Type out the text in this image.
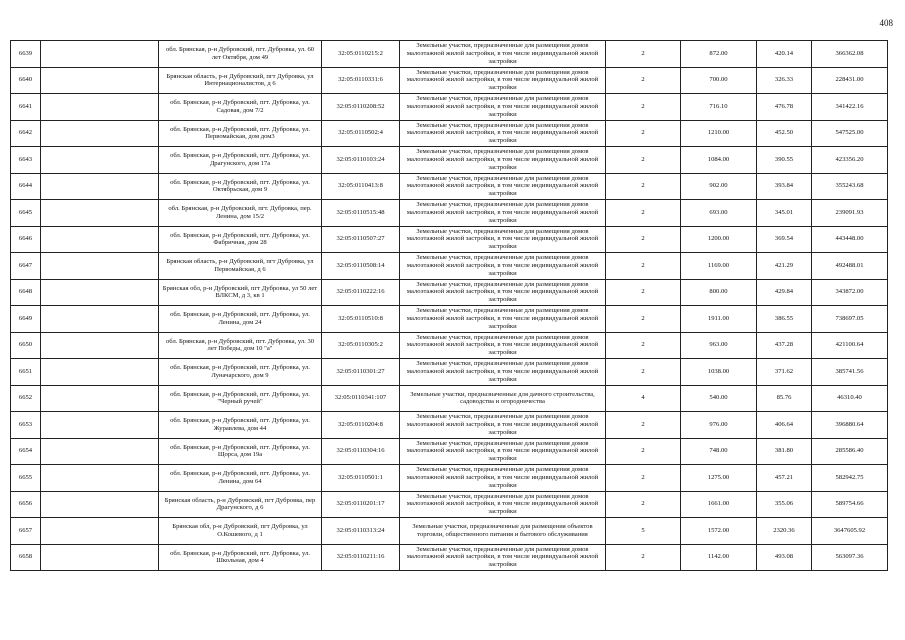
408
6639		обл. Брянская, р-н Дубровский, пгт. Дубровка, ул. 60 лет Октября, дом 49	32:05:0110215:2	Земельные участки, предназначенные для размещения домов малоэтажной жилой застройки, в том числе индивидуальной жилой застройки	2	872.00	420.14	366362.08
6640		Брянская область, р-н Дубровский, пгт Дубровка, ул Интернационалистов, д 6	32:05:0110331:6	Земельные участки, предназначенные для размещения домов малоэтажной жилой застройки, в том числе индивидуальной жилой застройки	2	700.00	326.33	228431.00
6641		обл. Брянская, р-н Дубровский, пгт. Дубровка, ул. Садовая, дом 7/2	32:05:0110208:52	Земельные участки, предназначенные для размещения домов малоэтажной жилой застройки, в том числе индивидуальной жилой застройки	2	716.10	476.78	341422.16
6642		обл. Брянская, р-н Дубровский, пгт. Дубровка, ул. Первомайская, дом дом3	32:05:0110502:4	Земельные участки, предназначенные для размещения домов малоэтажной жилой застройки, в том числе индивидуальной жилой застройки	2	1210.00	452.50	547525.00
6643		обл. Брянская, р-н Дубровский, пгт. Дубровка, ул. Драгунского, дом 17а	32:05:0110103:24	Земельные участки, предназначенные для размещения домов малоэтажной жилой застройки, в том числе индивидуальной жилой застройки	2	1084.00	390.55	423356.20
6644		обл. Брянская, р-н Дубровский, пгт. Дубровка, ул. Октябрьская, дом 9	32:05:0110413:8	Земельные участки, предназначенные для размещения домов малоэтажной жилой застройки, в том числе индивидуальной жилой застройки	2	902.00	393.84	355243.68
6645		обл. Брянская, р-н Дубровский, пгт. Дубровка, пер. Ленина, дом 15/2	32:05:0110515:48	Земельные участки, предназначенные для размещения домов малоэтажной жилой застройки, в том числе индивидуальной жилой застройки	2	693.00	345.01	239091.93
6646		обл. Брянская, р-н Дубровский, пгт. Дубровка, ул. Фабричная, дом 28	32:05:0110507:27	Земельные участки, предназначенные для размещения домов малоэтажной жилой застройки, в том числе индивидуальной жилой застройки	2	1200.00	369.54	443448.00
6647		Брянская область, р-н Дубровский, пгт Дубровка, ул Первомайская, д 6	32:05:0110508:14	Земельные участки, предназначенные для размещения домов малоэтажной жилой застройки, в том числе индивидуальной жилой застройки	2	1169.00	421.29	492488.01
6648		Брянская обл, р-н Дубровский, пгт Дубровка, ул 50 лет ВЛКСМ, д 3, кв 1	32:05:0110222:16	Земельные участки, предназначенные для размещения домов малоэтажной жилой застройки, в том числе индивидуальной жилой застройки	2	800.00	429.84	343872.00
6649		обл. Брянская, р-н Дубровский, пгт. Дубровка, ул. Ленина, дом 24	32:05:0110510:8	Земельные участки, предназначенные для размещения домов малоэтажной жилой застройки, в том числе индивидуальной жилой застройки	2	1911.00	386.55	738697.05
6650		обл. Брянская, р-н Дубровский, пгт. Дубровка, ул. 30 лет Победы, дом 10 "а"	32:05:0110305:2	Земельные участки, предназначенные для размещения домов малоэтажной жилой застройки, в том числе индивидуальной жилой застройки	2	963.00	437.28	421100.64
6651		обл. Брянская, р-н Дубровский, пгт. Дубровка, ул. Луначарского, дом 9	32:05:0110301:27	Земельные участки, предназначенные для размещения домов малоэтажной жилой застройки, в том числе индивидуальной жилой застройки	2	1038.00	371.62	385741.56
6652		обл. Брянская, р-н Дубровский, пгт. Дубровка, ул. "Черный ручей"	32:05:0110341:107	Земельные участки, предназначенные для дачного строительства, садоводства и огородничества	4	540.00	85.76	46310.40
6653		обл. Брянская, р-н Дубровский, пгт. Дубровка, ул. Журавлева, дом 44	32:05:0110204:8	Земельные участки, предназначенные для размещения домов малоэтажной жилой застройки, в том числе индивидуальной жилой застройки	2	976.00	406.64	396880.64
6654		обл. Брянская, р-н Дубровский, пгт. Дубровка, ул. Щорса, дом 19а	32:05:0110304:16	Земельные участки, предназначенные для размещения домов малоэтажной жилой застройки, в том числе индивидуальной жилой застройки	2	748.00	381.80	285586.40
6655		обл. Брянская, р-н Дубровский, пгт. Дубровка, ул. Ленина, дом 64	32:05:0110501:1	Земельные участки, предназначенные для размещения домов малоэтажной жилой застройки, в том числе индивидуальной жилой застройки	2	1275.00	457.21	582942.75
6656		Брянская область, р-н Дубровский, пгт Дубровка, пер Драгунского, д 6	32:05:0110201:17	Земельные участки, предназначенные для размещения домов малоэтажной жилой застройки, в том числе индивидуальной жилой застройки	2	1661.00	355.06	589754.66
6657		Брянская обл, р-н Дубровский, пгт Дубровка, ул О.Кошевого, д 1	32:05:0110313:24	Земельные участки, предназначенные для размещения объектов торговли, общественного питания и бытового обслуживания	5	1572.00	2320.36	3647605.92
6658		обл. Брянская, р-н Дубровский, пгт. Дубровка, ул. Школьная, дом 4	32:05:0110211:16	Земельные участки, предназначенные для размещения домов малоэтажной жилой застройки, в том числе индивидуальной жилой застройки	2	1142.00	493.08	563097.36
